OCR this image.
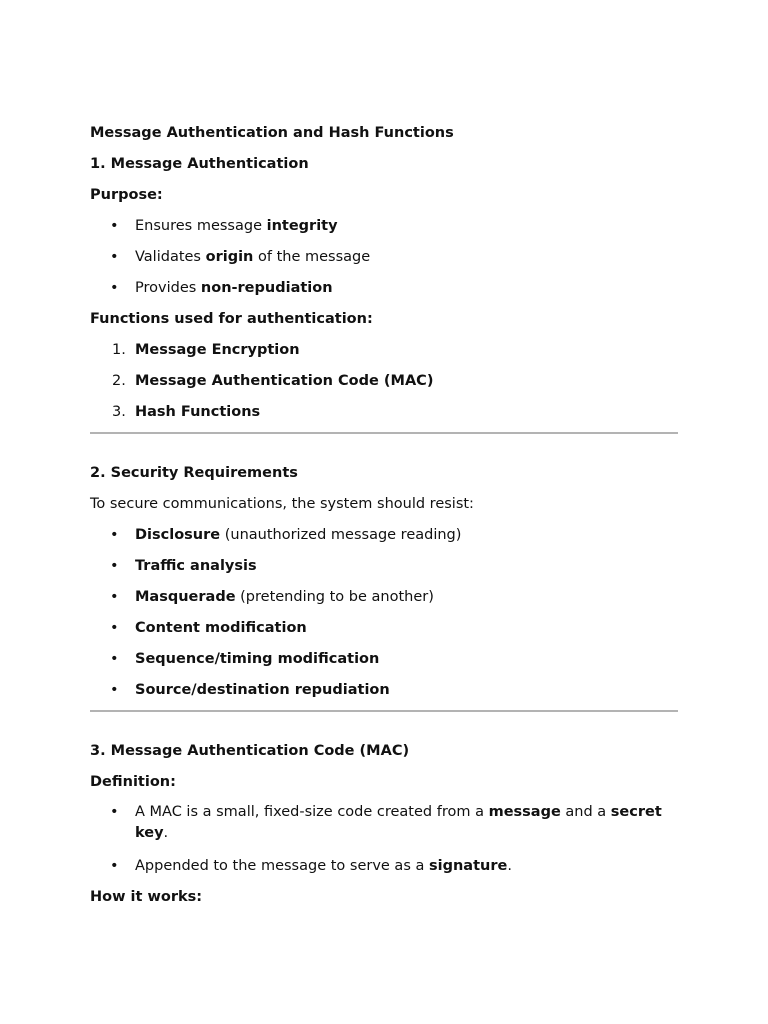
Message Authentication and Hash Functions
1. Message Authentication
Purpose:
•	Ensures message integrity
•	Validates origin of the message
•	Provides non-repudiation
Functions used for authentication:
1. Message Encryption
2. Message Authentication Code (MAC)
3. Hash Functions
2. Security Requirements
To secure communications, the system should resist:
•	Disclosure (unauthorized message reading)
•	Traffic analysis
•	Masquerade (pretending to be another)
•	Content modification
•	Sequence/timing modification
•	Source/destination repudiation
3. Message Authentication Code (MAC)
Definition:
•	A MAC is a small, fixed-size code created from a message and a secret key.
•	Appended to the message to serve as a signature.
How it works:
